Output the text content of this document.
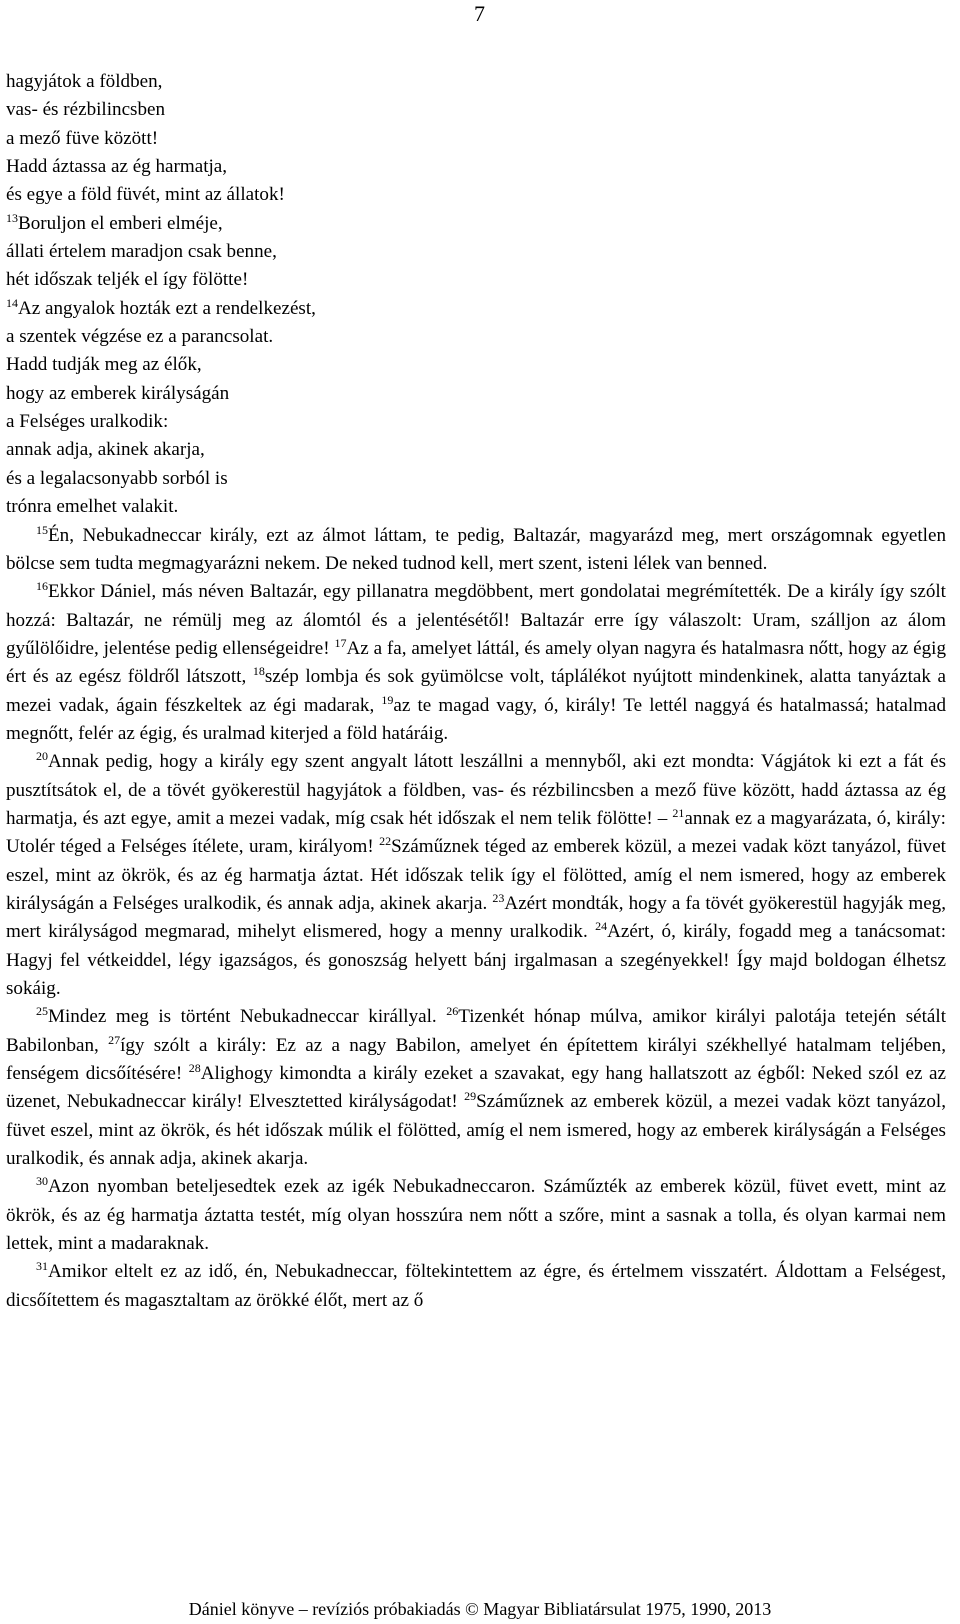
7

hagyjátok a földben,

vas- és rézbilincsben

a mező füve között!

Hadd áztassa az ég harmatja,

és egye a föld füvét, mint az állatok!

$^{13}$Boruljon el emberi elméje,

állati értelem maradjon csak benne,

hét időszak teljék el így fölötte!

$^{14}$Az angyalok hozták ezt a rendelkezést,

a szentek végzése ez a parancsolat.

Hadd tudják meg az élők,

hogy az emberek királyságán

a Felséges uralkodik:

annak adja, akinek akarja,

és a legalacsonyabb sorból is

trónra emelhet valakit.

$^{15}$Én, Nebukadneccar király, ezt az álmot láttam, te pedig, Baltazár, magyarázd meg, mert országomnak egyetlen bölcse sem tudta megmagyarázni nekem. De neked tudnod kell, mert szent, isteni lélek van benned.

$^{16}$Ekkor Dániel, más néven Baltazár, egy pillanatra megdöbbent, mert gondolatai megrémítették. De a király így szólt hozzá: Baltazár, ne rémülj meg az álomtól és a jelentésétől! Baltazár erre így válaszolt: Uram, szálljon az álom gyűlölőidre, jelentése pedig ellenségeidre! $^{17}$Az a fa, amelyet láttál, és amely olyan nagyra és hatalmasra nőtt, hogy az égig ért és az egész földről látszott, $^{18}$szép lombja és sok gyümölcse volt, táplálékot nyújtott mindenkinek, alatta tanyáztak a mezei vadak, ágain fészkeltek az égi madarak, $^{19}$az te magad vagy, ó, király! Te lettél naggyá és hatalmassá; hatalmad megnőtt, felér az égig, és uralmad kiterjed a föld határáig.

$^{20}$Annak pedig, hogy a király egy szent angyalt látott leszállni a mennyből, aki ezt mondta: Vágjátok ki ezt a fát és pusztítsátok el, de a tövét gyökerestül hagyjátok a földben, vas- és rézbilincsben a mező füve között, hadd áztassa az ég harmatja, és azt egye, amit a mezei vadak, míg csak hét időszak el nem telik fölötte! – $^{21}$annak ez a magyarázata, ó, király: Utolér téged a Felséges ítélete, uram, királyom! $^{22}$Száműznek téged az emberek közül, a mezei vadak közt tanyázol, füvet eszel, mint az ökrök, és az ég harmatja áztat. Hét időszak telik így el fölötted, amíg el nem ismered, hogy az emberek királyságán a Felséges uralkodik, és annak adja, akinek akarja. $^{23}$Azért mondták, hogy a fa tövét gyökerestül hagyják meg, mert királyságod megmarad, mihelyt elismered, hogy a menny uralkodik. $^{24}$Azért, ó, király, fogadd meg a tanácsomat: Hagyj fel vétkeiddel, légy igazságos, és gonoszság helyett bánj irgalmasan a szegényekkel! Így majd boldogan élhetsz sokáig.

$^{25}$Mindez meg is történt Nebukadneccar királlyal. $^{26}$Tizenkét hónap múlva, amikor királyi palotája tetején sétált Babilonban, $^{27}$így szólt a király: Ez az a nagy Babilon, amelyet én építettem királyi székhellyé hatalmam teljében, fenségem dicsőítésére! $^{28}$Alighogy kimondta a király ezeket a szavakat, egy hang hallatszott az égből: Neked szól ez az üzenet, Nebukadneccar király! Elvesztetted királyságodat! $^{29}$Száműznek az emberek közül, a mezei vadak közt tanyázol, füvet eszel, mint az ökrök, és hét időszak múlik el fölötted, amíg el nem ismered, hogy az emberek királyságán a Felséges uralkodik, és annak adja, akinek akarja.

$^{30}$Azon nyomban beteljesedtek ezek az igék Nebukadneccaron. Száműzték az emberek közül, füvet evett, mint az ökrök, és az ég harmatja áztatta testét, míg olyan hosszúra nem nőtt a szőre, mint a sasnak a tolla, és olyan karmai nem lettek, mint a madaraknak.

$^{31}$Amikor eltelt ez az idő, én, Nebukadneccar, föltekintettem az égre, és értelmem visszatért. Áldottam a Felségest, dicsőítettem és magasztaltam az örökké élőt, mert az ő

Dániel könyve – revíziós próbakiadás © Magyar Bibliatársulat 1975, 1990, 2013
